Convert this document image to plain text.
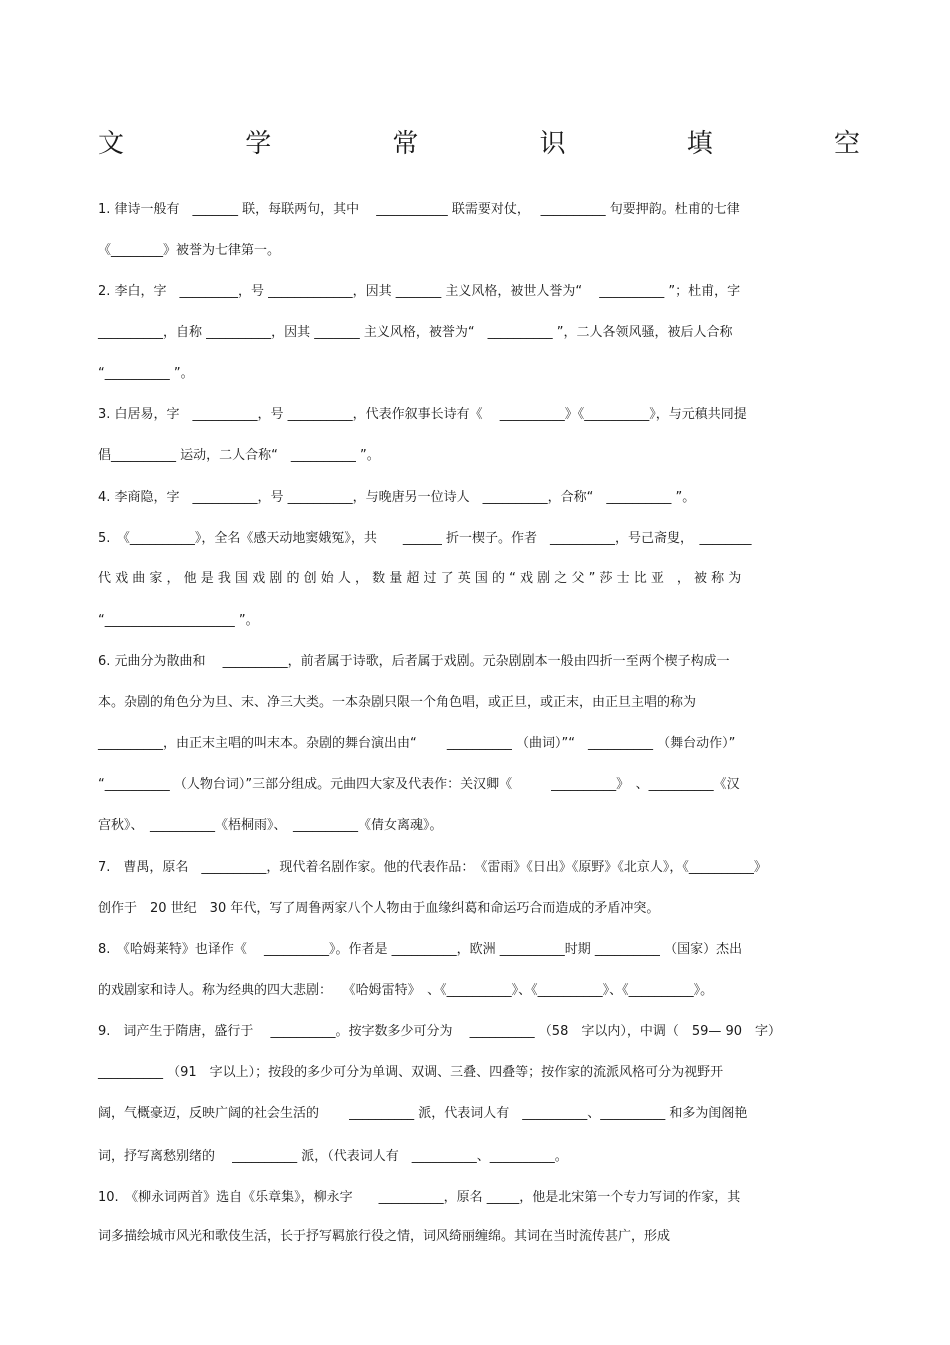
文	学	常	识	填	空
1. 律诗一般有　_______ 联，每联两句，其中　 ___________ 联需要对仗，　 __________ 句要押韵。杜甫的七律
《________》被誉为七律第一。
2. 李白，字　_________，号 _____________，因其 _______ 主义风格，被世人誉为“　 __________ ”；杜甫，字
__________，自称 __________，因其 _______ 主义风格，被誉为“　__________ ”，二人各领风骚，被后人合称
“__________ ”。
3. 白居易，字　__________，号 __________，代表作叙事长诗有《　 __________》《__________》，与元稹共同提
倡__________ 运动，二人合称“　__________ ”。
4. 李商隐，字　__________，号 __________，与晚唐另一位诗人　__________，合称“　__________ ”。
5.　《__________》，全名《感天动地窦娥冤》，共　　______ 折一楔子。作者　__________，号己斋叟，　________
代 戏 曲 家 ， 他 是 我 国 戏 剧 的 创 始 人 ， 数 量 超 过 了 英 国 的 “ 戏 剧 之 父 ” 莎 士 比 亚　， 被 称 为
“____________________ ”。
6. 元曲分为散曲和　 __________，前者属于诗歌，后者属于戏剧。元杂剧剧本一般由四折一至两个楔子构成一
本。杂剧的角色分为旦、末、净三大类。一本杂剧只限一个角色唱，或正旦，或正末，由正旦主唱的称为
__________，由正末主唱的叫末本。杂剧的舞台演出由“　　 __________ （曲词）”“　__________ （舞台动作）”
“__________ （人物台词）”三部分组成。元曲四大家及代表作：关汉卿《　　　__________》　、__________《汉
宫秋》、　__________《梧桐雨》、　__________《倩女离魂》。
7.　曹禺，原名　__________，现代着名剧作家。他的代表作品：　《雷雨》《日出》《原野》《北京人》，《__________》
创作于　20 世纪　30 年代，写了周鲁两家八个人物由于血缘纠葛和命运巧合而造成的矛盾冲突。
8.　《哈姆莱特》也译作《　 __________》。作者是 __________，欧洲 __________时期 __________ （国家）杰出
的戏剧家和诗人。称为经典的四大悲剧：　 《哈姆雷特》　、《__________》、《__________》、《__________》。
9.　词产生于隋唐，盛行于　 __________。按字数多少可分为　 __________ （58　字以内），中调（　59— 90　字）
__________ （91　字以上）；按段的多少可分为单调、双调、三叠、四叠等；按作家的流派风格可分为视野开
阔，气概豪迈，反映广阔的社会生活的　　 __________ 派，代表词人有　__________、__________ 和多为闺阁艳
词，抒写离愁别绪的　 __________ 派，（代表词人有　__________、__________。
10.　《柳永词两首》选自《乐章集》，柳永字　　__________，原名 _____，他是北宋第一个专力写词的作家，其
词多描绘城市风光和歌伎生活，长于抒写羁旅行役之情，词风绮丽缠绵。其词在当时流传甚广，形成
